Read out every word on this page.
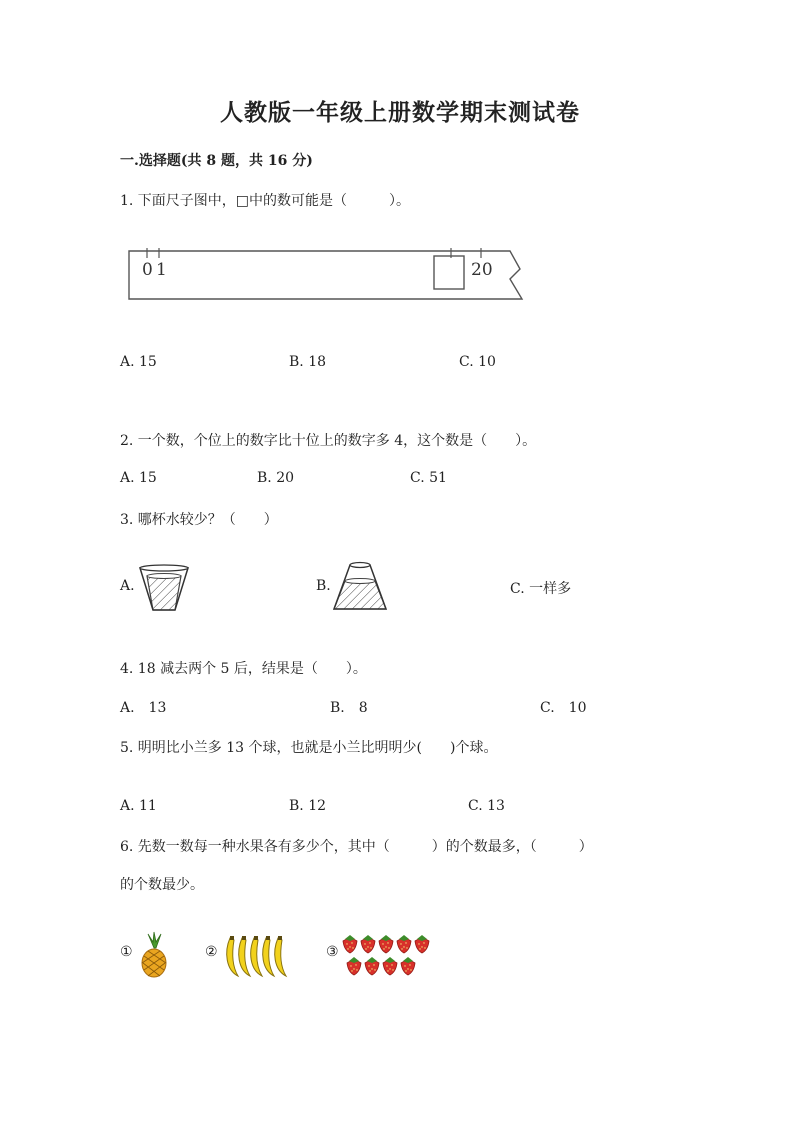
人教版一年级上册数学期末测试卷
一.选择题(共 8 题，共 16 分)
1. 下面尺子图中，□中的数可能是（　　　）。
0 1	20
A. 15	B. 18	C. 10
2. 一个数，个位上的数字比十位上的数字多 4，这个数是（　　）。
A. 15	B. 20	C. 51
3. 哪杯水较少？（　　）
A.	B.	C. 一样多
4. 18 减去两个 5 后，结果是（　　）。
A.　13	B.　8	C.　10
5. 明明比小兰多 13 个球，也就是小兰比明明少(　　)个球。
A. 11	B. 12	C. 13
6. 先数一数每一种水果各有多少个，其中（　　　）的个数最多，（　　　）
的个数最少。
①	②	③
